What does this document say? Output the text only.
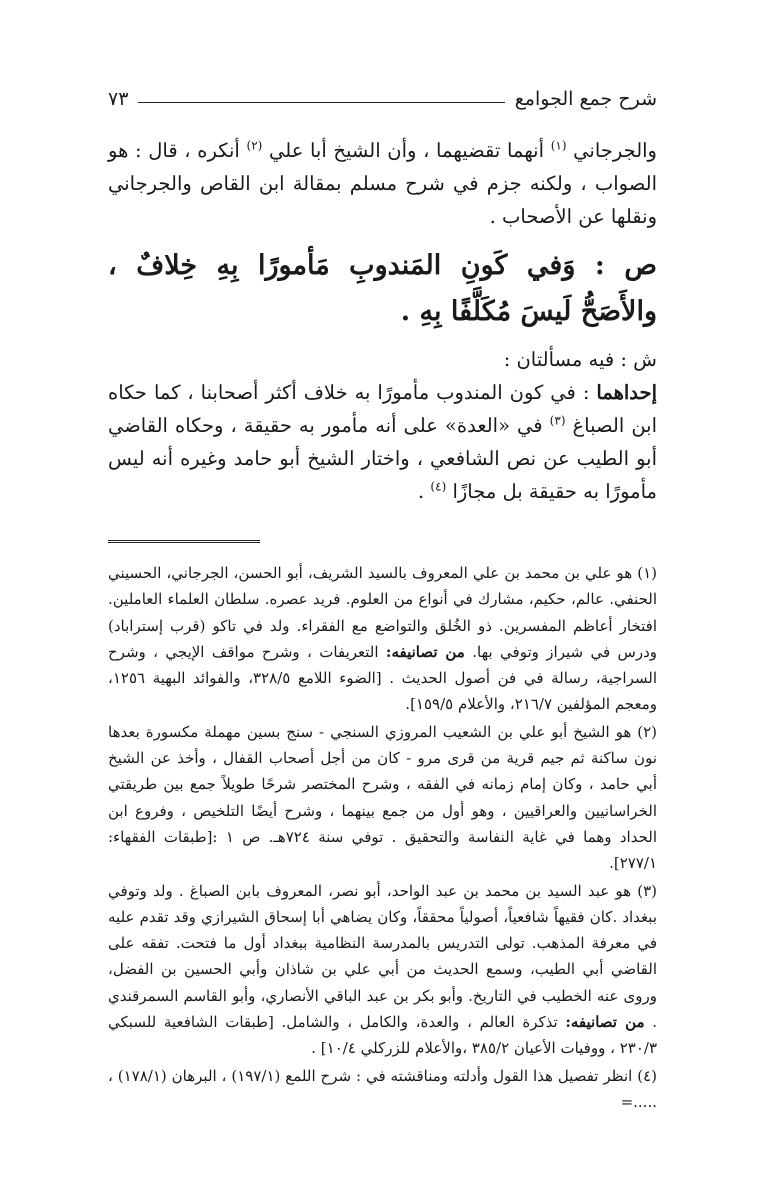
شرح جمع الجوامع
٧٣

والجرجاني $^{(١)}$ أنهما تقضيهما ، وأن الشيخ أبا علي $^{(٢)}$ أنكره ، قال : هو الصواب ، ولكنه جزم في شرح مسلم بمقالة ابن القاص والجرجاني ونقلها عن الأصحاب .

ص : وَفي كَونِ المَندوبِ مَأمورًا بِهِ خِلافٌ ، والأَصَحُّ لَيسَ مُكَلَّفًا بِهِ .

ش : فيه مسألتان :

إحداهما : في كون المندوب مأمورًا به خلاف أكثر أصحابنا ، كما حكاه ابن الصباغ $^{(٣)}$ في «العدة» على أنه مأمور به حقيقة ، وحكاه القاضي أبو الطيب عن نص الشافعي ، واختار الشيخ أبو حامد وغيره أنه ليس مأمورًا به حقيقة بل مجازًا $^{(٤)}$ .

(١) هو علي بن محمد بن علي المعروف بالسيد الشريف، أبو الحسن، الجرجاني، الحسيني الحنفي. عالم، حكيم، مشارك في أنواع من العلوم. فريد عصره. سلطان العلماء العاملين. افتخار أعاظم المفسرين. ذو الخُلق والتواضع مع الفقراء. ولد في تاكو (قرب إستراباد) ودرس في شيراز وتوفي بها. من تصانيفه: التعريفات ، وشرح مواقف الإيجي ، وشرح السراجية، رسالة في فن أصول الحديث . [الضوء اللامع ٣٢٨/٥، والفوائد البهية ١٢٥٦، ومعجم المؤلفين ٢١٦/٧، والأعلام ١٥٩/٥].

(٢) هو الشيخ أبو علي بن الشعيب المروزي السنجي - سنج بسين مهملة مكسورة بعدها نون ساكنة ثم جيم قرية من قرى مرو - كان من أجل أصحاب القفال ، وأخذ عن الشيخ أبي حامد ، وكان إمام زمانه في الفقه ، وشرح المختصر شرحًا طويلاً جمع بين طريقتي الخراسانيين والعراقيين ، وهو أول من جمع بينهما ، وشرح أيضًا التلخيص ، وفروع ابن الحداد وهما في غاية النفاسة والتحقيق . توفي سنة ٧٢٤هـ. ص ١ :[طبقات الفقهاء: ٢٧٧/١].

(٣) هو عبد السيد بن محمد بن عبد الواحد، أبو نصر، المعروف بابن الصباغ . ولد وتوفي ببغداد .كان فقيهاً شافعياً، أصولياً محققاً، وكان يضاهي أبا إسحاق الشيرازي وقد تقدم عليه في معرفة المذهب. تولى التدريس بالمدرسة النظامية ببغداد أول ما فتحت. تفقه على القاضي أبي الطيب، وسمع الحديث من أبي علي بن شاذان وأبي الحسين بن الفضل، وروى عنه الخطيب في التاريخ. وأبو بكر بن عبد الباقي الأنصاري، وأبو القاسم السمرقندي . من تصانيفه: تذكرة العالم ، والعدة، والكامل ، والشامل. [طبقات الشافعية للسبكي ٢٣٠/٣ ، ووفيات الأعيان ٣٨٥/٢ ،والأعلام للزركلي ١٠/٤] .

(٤) انظر تفصيل هذا القول وأدلته ومناقشته في : شرح اللمع (١٩٧/١) ، البرهان (١٧٨/١) ، .....=
